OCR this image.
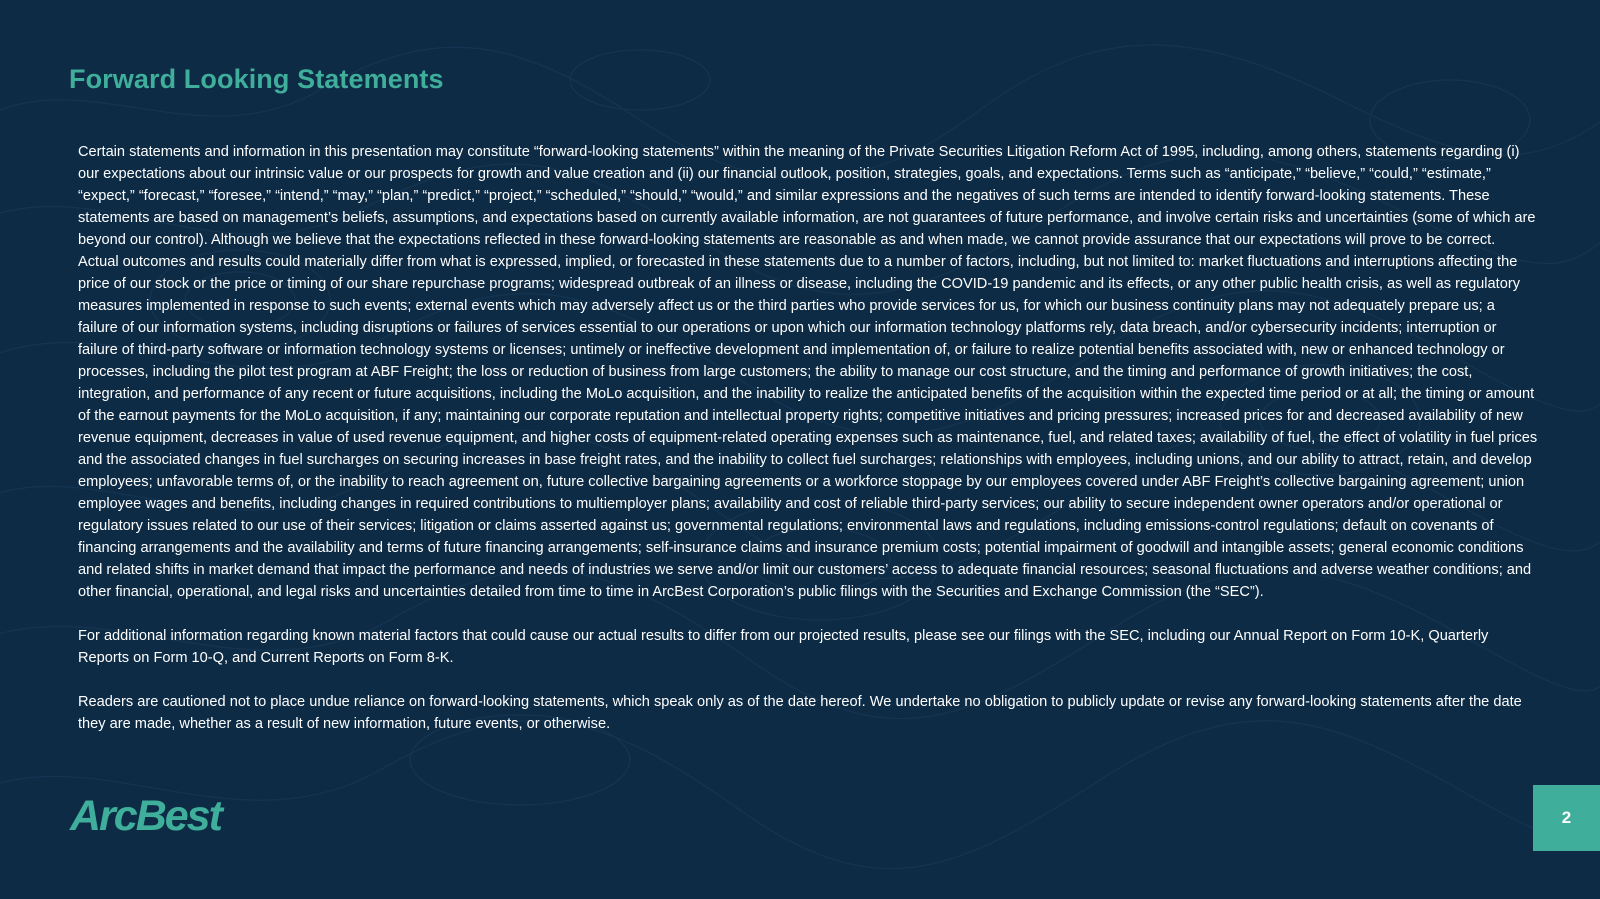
Forward Looking Statements

Certain statements and information in this presentation may constitute “forward-looking statements” within the meaning of the Private Securities Litigation Reform Act of 1995, including, among others, statements regarding (i) our expectations about our intrinsic value or our prospects for growth and value creation and (ii) our financial outlook, position, strategies, goals, and expectations. Terms such as “anticipate,” “believe,” “could,” “estimate,” “expect,” “forecast,” “foresee,” “intend,” “may,” “plan,” “predict,” “project,” “scheduled,” “should,” “would,” and similar expressions and the negatives of such terms are intended to identify forward-looking statements. These statements are based on management’s beliefs, assumptions, and expectations based on currently available information, are not guarantees of future performance, and involve certain risks and uncertainties (some of which are beyond our control). Although we believe that the expectations reflected in these forward-looking statements are reasonable as and when made, we cannot provide assurance that our expectations will prove to be correct. Actual outcomes and results could materially differ from what is expressed, implied, or forecasted in these statements due to a number of factors, including, but not limited to: market fluctuations and interruptions affecting the price of our stock or the price or timing of our share repurchase programs; widespread outbreak of an illness or disease, including the COVID-19 pandemic and its effects, or any other public health crisis, as well as regulatory measures implemented in response to such events; external events which may adversely affect us or the third parties who provide services for us, for which our business continuity plans may not adequately prepare us; a failure of our information systems, including disruptions or failures of services essential to our operations or upon which our information technology platforms rely, data breach, and/or cybersecurity incidents; interruption or failure of third-party software or information technology systems or licenses; untimely or ineffective development and implementation of, or failure to realize potential benefits associated with, new or enhanced technology or processes, including the pilot test program at ABF Freight; the loss or reduction of business from large customers; the ability to manage our cost structure, and the timing and performance of growth initiatives; the cost, integration, and performance of any recent or future acquisitions, including the MoLo acquisition, and the inability to realize the anticipated benefits of the acquisition within the expected time period or at all; the timing or amount of the earnout payments for the MoLo acquisition, if any; maintaining our corporate reputation and intellectual property rights; competitive initiatives and pricing pressures; increased prices for and decreased availability of new revenue equipment, decreases in value of used revenue equipment, and higher costs of equipment-related operating expenses such as maintenance, fuel, and related taxes; availability of fuel, the effect of volatility in fuel prices and the associated changes in fuel surcharges on securing increases in base freight rates, and the inability to collect fuel surcharges; relationships with employees, including unions, and our ability to attract, retain, and develop employees; unfavorable terms of, or the inability to reach agreement on, future collective bargaining agreements or a workforce stoppage by our employees covered under ABF Freight’s collective bargaining agreement; union employee wages and benefits, including changes in required contributions to multiemployer plans; availability and cost of reliable third-party services; our ability to secure independent owner operators and/or operational or regulatory issues related to our use of their services; litigation or claims asserted against us; governmental regulations; environmental laws and regulations, including emissions-control regulations; default on covenants of financing arrangements and the availability and terms of future financing arrangements; self-insurance claims and insurance premium costs; potential impairment of goodwill and intangible assets; general economic conditions and related shifts in market demand that impact the performance and needs of industries we serve and/or limit our customers’ access to adequate financial resources; seasonal fluctuations and adverse weather conditions; and other financial, operational, and legal risks and uncertainties detailed from time to time in ArcBest Corporation’s public filings with the Securities and Exchange Commission (the “SEC”).

For additional information regarding known material factors that could cause our actual results to differ from our projected results, please see our filings with the SEC, including our Annual Report on Form 10-K, Quarterly Reports on Form 10-Q, and Current Reports on Form 8-K.

Readers are cautioned not to place undue reliance on forward-looking statements, which speak only as of the date hereof. We undertake no obligation to publicly update or revise any forward-looking statements after the date they are made, whether as a result of new information, future events, or otherwise.

ArcBest	2
